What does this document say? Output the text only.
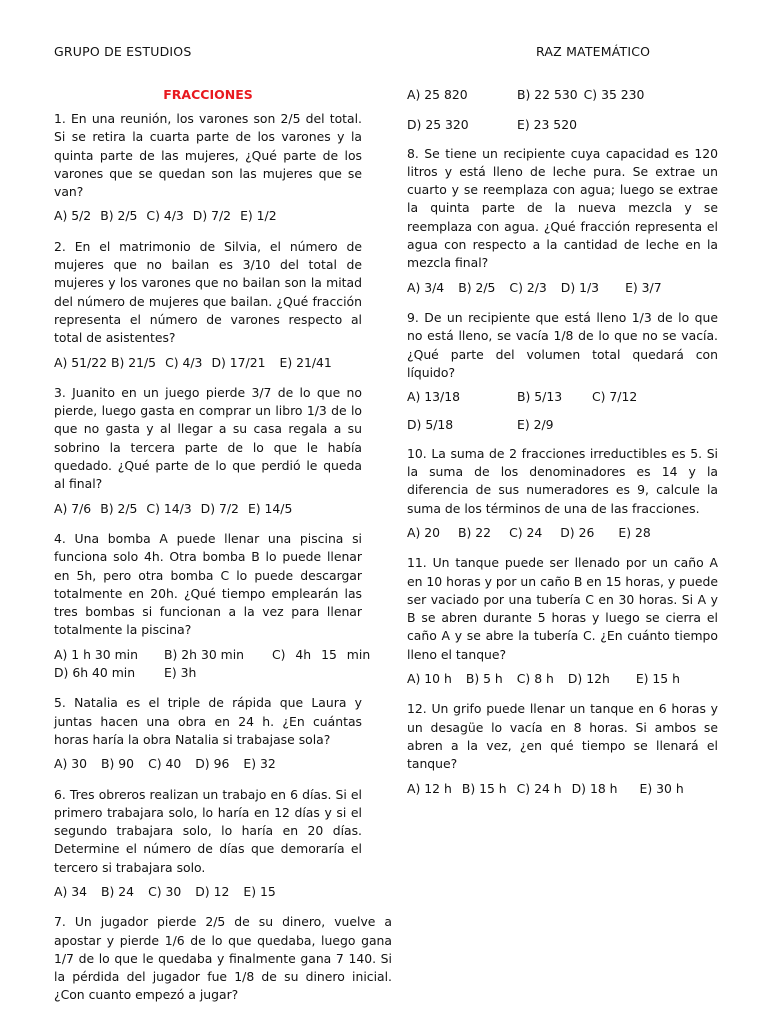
GRUPO DE ESTUDIOS	RAZ MATEMÁTICO
FRACCIONES
1. En una reunión, los varones son 2/5 del total. Si se retira la cuarta parte de los varones y la quinta parte de las mujeres, ¿Qué parte de los varones que se quedan son las mujeres que se van?
A) 5/2 B) 2/5 C) 4/3 D) 7/2 E) 1/2
2. En el matrimonio de Silvia, el número de mujeres que no bailan es 3/10 del total de mujeres y los varones que no bailan son la mitad del número de mujeres que bailan. ¿Qué fracción representa el número de varones respecto al total de asistentes?
A) 51/22 B) 21/5 C) 4/3 D) 17/21 E) 21/41
3. Juanito en un juego pierde 3/7 de lo que no pierde, luego gasta en comprar un libro 1/3 de lo que no gasta y al llegar a su casa regala a su sobrino la tercera parte de lo que le había quedado. ¿Qué parte de lo que perdió le queda al final?
A) 7/6 B) 2/5 C) 14/3 D) 7/2 E) 14/5
4. Una bomba A puede llenar una piscina si funciona solo 4h. Otra bomba B lo puede llenar en 5h, pero otra bomba C lo puede descargar totalmente en 20h. ¿Qué tiempo emplearán las tres bombas si funcionan a la vez para llenar totalmente la piscina?
A) 1 h 30 min	B) 2h 30 min	C) 4h 15 min
D) 6h 40 min	E) 3h
5. Natalia es el triple de rápida que Laura y juntas hacen una obra en 24 h. ¿En cuántas horas haría la obra Natalia si trabajase sola?
A) 30 B) 90 C) 40 D) 96 E) 32
6. Tres obreros realizan un trabajo en 6 días. Si el primero trabajara solo, lo haría en 12 días y si el segundo trabajara solo, lo haría en 20 días. Determine el número de días que demoraría el tercero si trabajara solo.
A) 34 B) 24 C) 30 D) 12 E) 15
7. Un jugador pierde 2/5 de su dinero, vuelve a apostar y pierde 1/6 de lo que quedaba, luego gana 1/7 de lo que le quedaba y finalmente gana 7 140. Si la pérdida del jugador fue 1/8 de su dinero inicial. ¿Con cuanto empezó a jugar?
A) 25 820	B) 22 530 C) 35 230
D) 25 320	E) 23 520
8. Se tiene un recipiente cuya capacidad es 120 litros y está lleno de leche pura. Se extrae un cuarto y se reemplaza con agua; luego se extrae la quinta parte de la nueva mezcla y se reemplaza con agua. ¿Qué fracción representa el agua con respecto a la cantidad de leche en la mezcla final?
A) 3/4 B) 2/5 C) 2/3 D) 1/3 E) 3/7
9. De un recipiente que está lleno 1/3 de lo que no está lleno, se vacía 1/8 de lo que no se vacía. ¿Qué parte del volumen total quedará con líquido?
A) 13/18	B) 5/13	C) 7/12
D) 5/18	E) 2/9
10. La suma de 2 fracciones irreductibles es 5. Si la suma de los denominadores es 14 y la diferencia de sus numeradores es 9, calcule la suma de los términos de una de las fracciones.
A) 20 B) 22 C) 24 D) 26 E) 28
11. Un tanque puede ser llenado por un caño A en 10 horas y por un caño B en 15 horas, y puede ser vaciado por una tubería C en 30 horas. Si A y B se abren durante 5 horas y luego se cierra el caño A y se abre la tubería C. ¿En cuánto tiempo lleno el tanque?
A) 10 h B) 5 h C) 8 h D) 12h E) 15 h
12. Un grifo puede llenar un tanque en 6 horas y un desagüe lo vacía en 8 horas. Si ambos se abren a la vez, ¿en qué tiempo se llenará el tanque?
A) 12 h B) 15 h C) 24 h D) 18 h E) 30 h
